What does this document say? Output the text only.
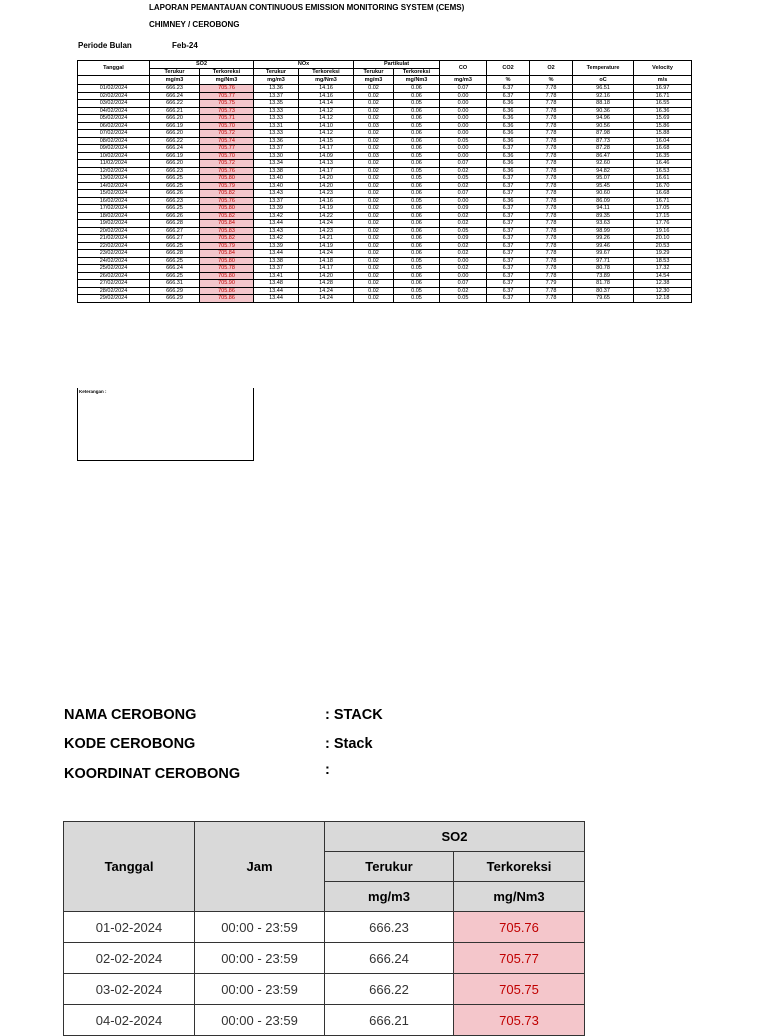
LAPORAN PEMANTAUAN CONTINUOUS EMISSION MONITORING SYSTEM (CEMS)
CHIMNEY / CEROBONG
Periode Bulan	Feb-24
Tanggal	SO2		NOx		Partikulat		CO	CO2	O2	Temperature	Velocity
	Terukur	Terkoreksi	Terukur	Terkoreksi	Terukur	Terkoreksi					
	mg/m3	mg/Nm3	mg/m3	mg/Nm3	mg/m3	mg/Nm3	mg/m3	%	%	oC	m/s
01/02/2024	666.23	705.76	13.36	14.16	0.02	0.06	0.07	6.37	7.78	96.51	16.97
02/02/2024	666.24	705.77	13.37	14.16	0.02	0.06	0.00	6.37	7.78	92.16	16.71
03/02/2024	666.22	705.75	13.35	14.14	0.02	0.05	0.00	6.36	7.78	88.18	16.55
04/02/2024	666.21	705.73	13.33	14.12	0.02	0.06	0.00	6.36	7.78	90.36	16.36
05/02/2024	666.20	705.71	13.33	14.12	0.02	0.06	0.00	6.36	7.78	94.96	15.69
06/02/2024	666.19	705.70	13.31	14.10	0.03	0.05	0.00	6.36	7.78	90.56	15.86
07/02/2024	666.20	705.72	13.33	14.12	0.02	0.06	0.00	6.36	7.78	87.98	15.88
08/02/2024	666.22	705.74	13.36	14.15	0.02	0.06	0.05	6.36	7.78	87.73	16.04
09/02/2024	666.24	705.77	13.37	14.17	0.02	0.06	0.00	6.37	7.78	87.28	16.68
10/02/2024	666.19	705.70	13.30	14.09	0.03	0.05	0.00	6.36	7.78	86.47	16.35
11/02/2024	666.20	705.72	13.34	14.13	0.02	0.06	0.07	6.36	7.78	92.60	16.46
12/02/2024	666.23	705.76	13.38	14.17	0.02	0.05	0.02	6.36	7.78	94.82	16.53
13/02/2024	666.25	705.80	13.40	14.20	0.02	0.05	0.05	6.37	7.78	95.07	16.61
14/02/2024	666.25	705.79	13.40	14.20	0.02	0.06	0.02	6.37	7.78	95.45	16.70
15/02/2024	666.26	705.82	13.43	14.23	0.02	0.06	0.07	6.37	7.78	90.60	16.68
16/02/2024	666.23	705.76	13.37	14.16	0.02	0.05	0.00	6.36	7.78	86.09	16.71
17/02/2024	666.25	705.80	13.39	14.19	0.02	0.06	0.09	6.37	7.78	94.11	17.05
18/02/2024	666.26	705.82	13.42	14.22	0.02	0.06	0.02	6.37	7.78	89.35	17.15
19/02/2024	666.28	705.84	13.44	14.24	0.02	0.06	0.02	6.37	7.78	93.63	17.76
20/02/2024	666.27	705.83	13.43	14.23	0.02	0.06	0.05	6.37	7.78	98.99	19.16
21/02/2024	666.27	705.82	13.42	14.21	0.02	0.06	0.09	6.37	7.78	99.26	20.10
22/02/2024	666.25	705.79	13.39	14.19	0.02	0.06	0.02	6.37	7.78	99.46	20.53
23/02/2024	666.28	705.84	13.44	14.24	0.02	0.06	0.02	6.37	7.78	99.67	19.29
24/02/2024	666.25	705.80	13.38	14.18	0.02	0.05	0.00	6.37	7.78	97.71	18.53
25/02/2024	666.24	705.78	13.37	14.17	0.02	0.05	0.02	6.37	7.78	80.78	17.32
26/02/2024	666.25	705.80	13.41	14.20	0.02	0.06	0.00	6.37	7.78	73.89	14.54
27/02/2024	666.31	705.90	13.48	14.28	0.02	0.06	0.07	6.37	7.79	81.78	12.38
28/02/2024	666.29	705.86	13.44	14.24	0.02	0.05	0.02	6.37	7.78	80.37	12.30
29/02/2024	666.29	705.86	13.44	14.24	0.02	0.05	0.05	6.37	7.78	79.65	12.18
Keterangan :
NAMA CEROBONG	: STACK
KODE CEROBONG	: Stack
KOORDINAT CEROBONG	:
Tanggal	Jam	SO2	
		Terukur	Terkoreksi
		mg/m3	mg/Nm3
01-02-2024	00:00 - 23:59	666.23	705.76
02-02-2024	00:00 - 23:59	666.24	705.77
03-02-2024	00:00 - 23:59	666.22	705.75
04-02-2024	00:00 - 23:59	666.21	705.73
